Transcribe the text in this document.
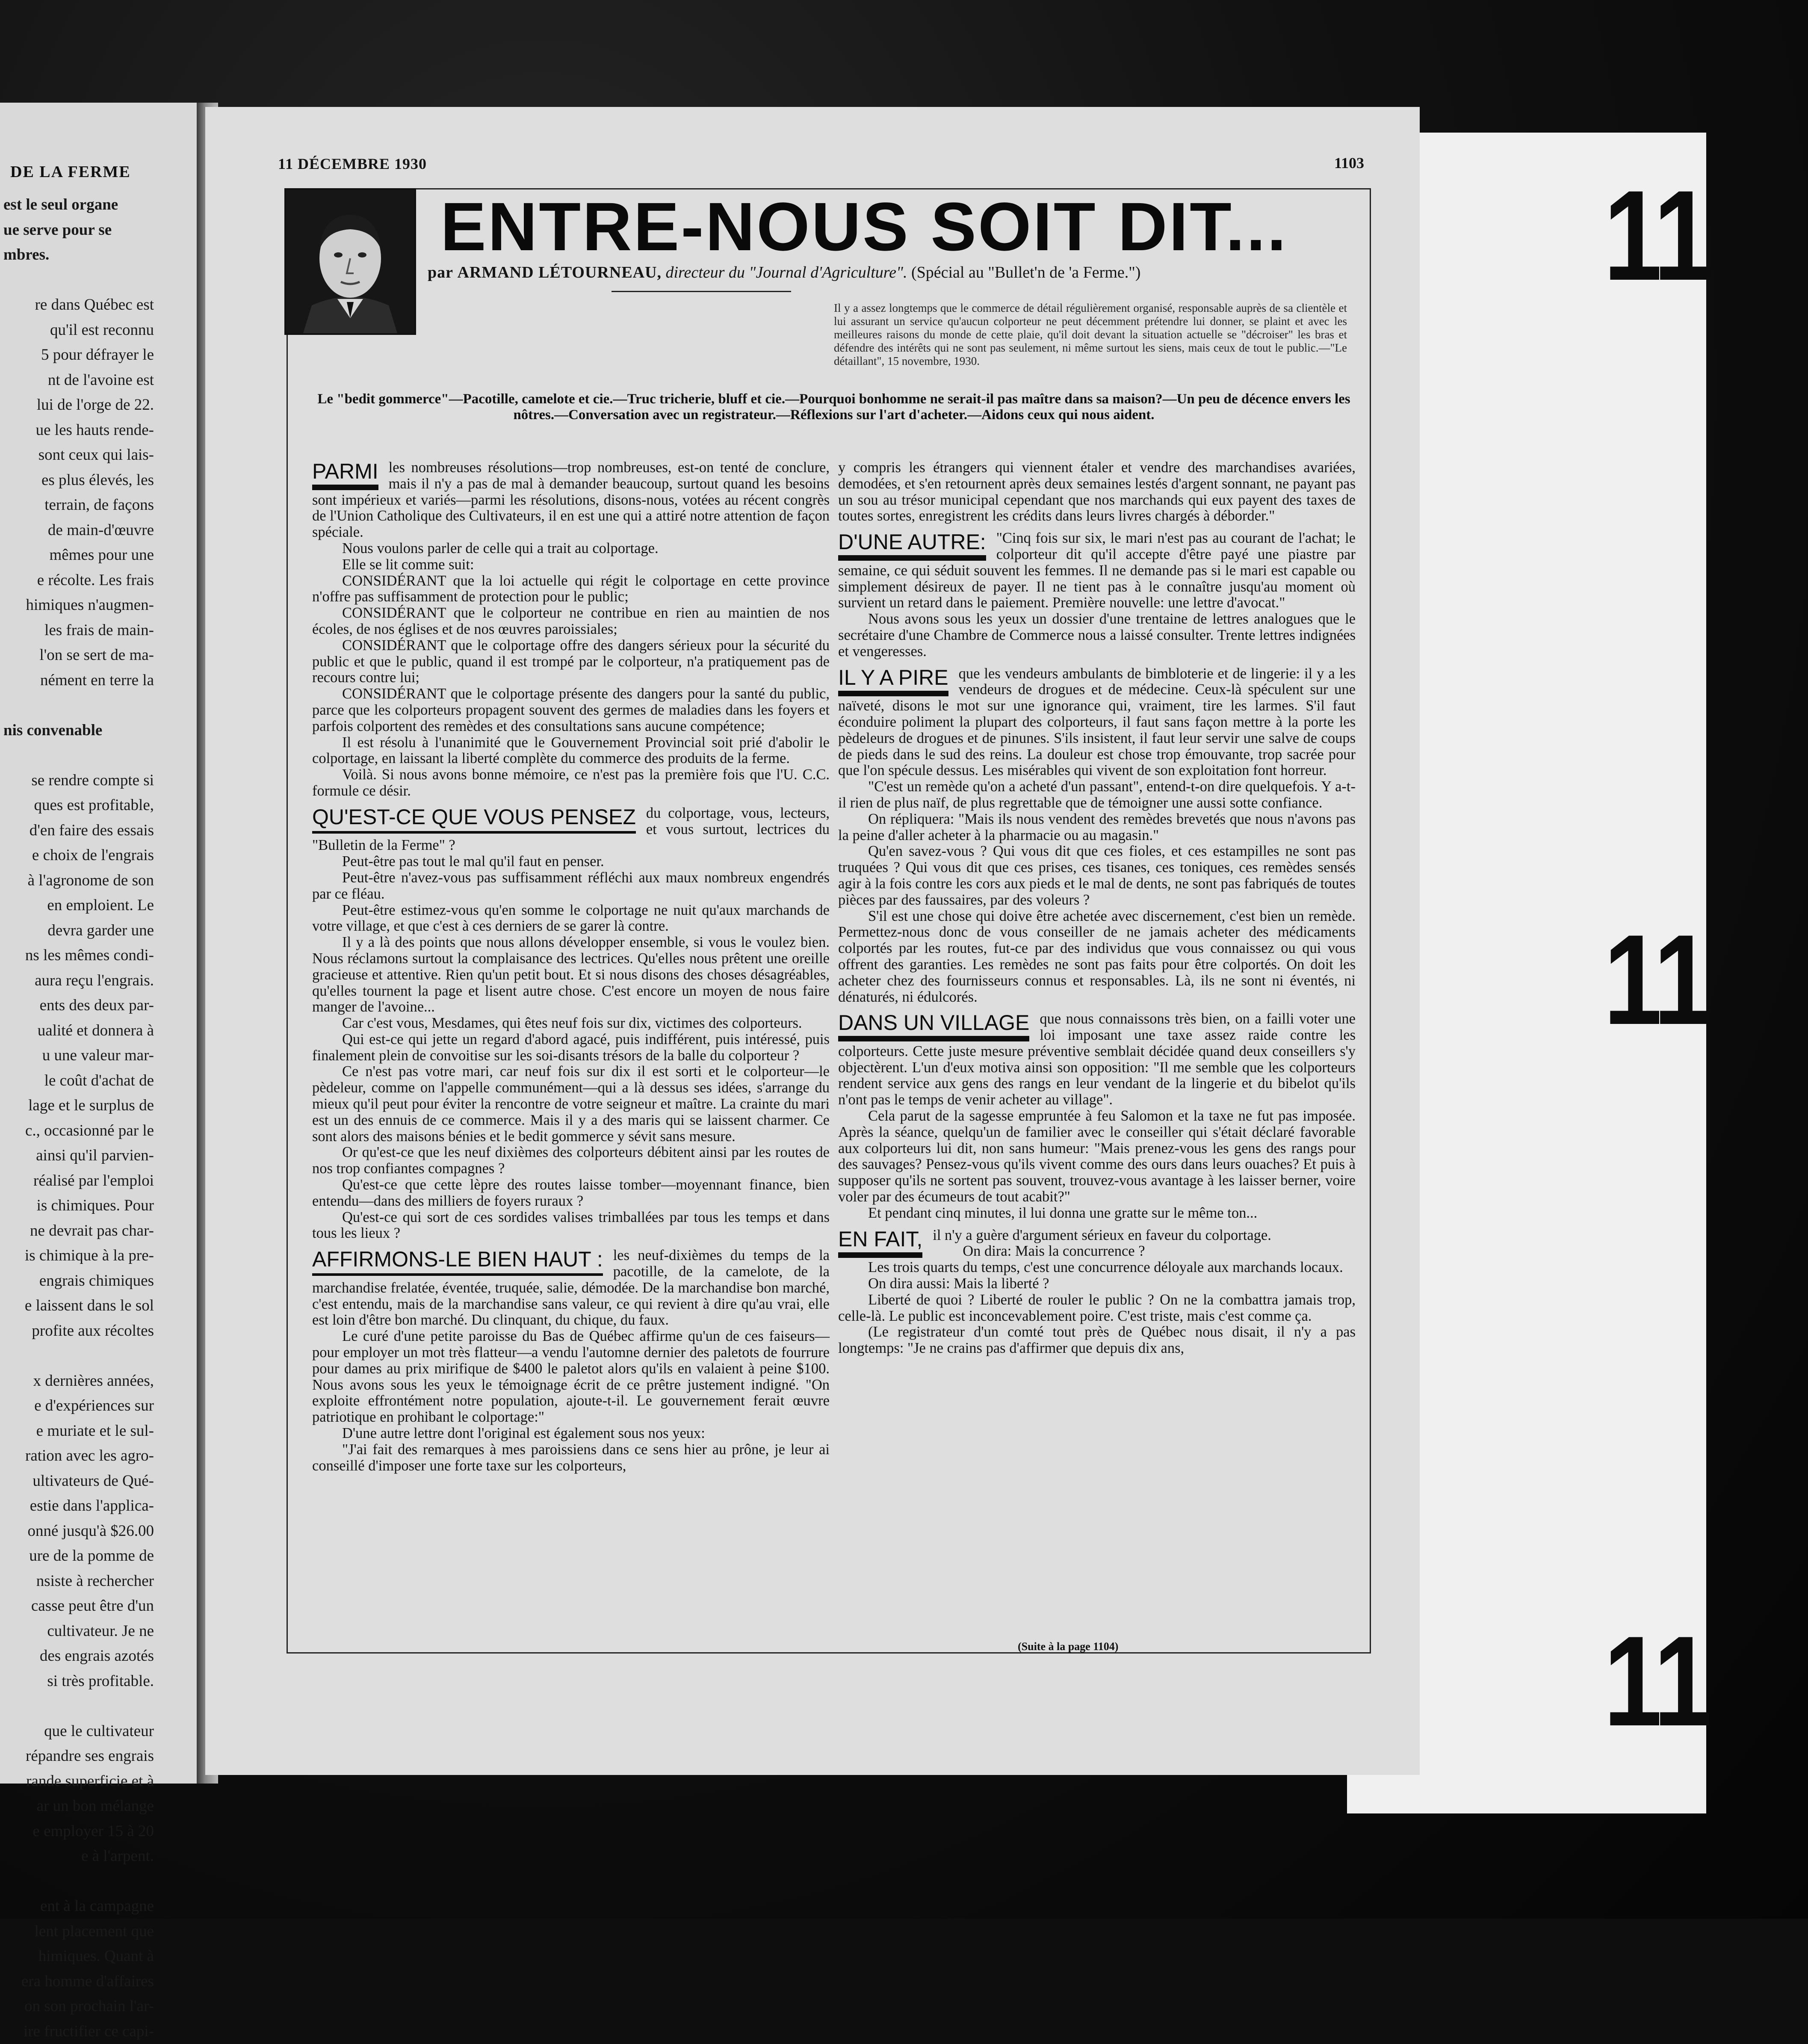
DE LA FERME
est le seul organe
ue serve pour se
mbres.
re dans Québec est
qu'il est reconnu
5 pour défrayer le
nt de l'avoine est
lui de l'orge de 22.
ue les hauts rende-
sont ceux qui lais-
es plus élevés, les
terrain, de façons
de main-d'œuvre
mêmes pour une
e récolte. Les frais
himiques n'augmen-
les frais de main-
l'on se sert de ma-
nément en terre la
nis convenable
se rendre compte si
ques est profitable,
d'en faire des essais
e choix de l'engrais
à l'agronome de son
en emploient. Le
devra garder une
ns les mêmes condi-
aura reçu l'engrais.
ents des deux par-
ualité et donnera à
u une valeur mar-
le coût d'achat de
lage et le surplus de
c., occasionné par le
ainsi qu'il parvien-
réalisé par l'emploi
is chimiques. Pour
ne devrait pas char-
is chimique à la pre-
engrais chimiques
e laissent dans le sol
profite aux récoltes
x dernières années,
e d'expériences sur
e muriate et le sul-
ration avec les agro-
ultivateurs de Qué-
estie dans l'applica-
onné jusqu'à $26.00
ure de la pomme de
nsiste à rechercher
casse peut être d'un
cultivateur. Je ne
des engrais azotés
si très profitable.
que le cultivateur
répandre ses engrais
rande superficie et à
ar un bon mélange
e employer 15 à 20
e à l'arpent.
ent à la campagne
lent placement que
himiques. Quant à
era homme d'affaires
on son prochain l'ar-
ire fructifier ce capi-
11
11
11
11 DÉCEMBRE 1930	1103
ENTRE-NOUS SOIT DIT...
par ARMAND LÉTOURNEAU, directeur du "Journal d'Agriculture". (Spécial au "Bullet'n de 'a Ferme.")
Il y a assez longtemps que le commerce de détail régulièrement organisé, responsable auprès de sa clientèle et lui assurant un service qu'aucun colporteur ne peut décemment prétendre lui donner, se plaint et avec les meilleures raisons du monde de cette plaie, qu'il doit devant la situation actuelle se "décroiser" les bras et défendre des intérêts qui ne sont pas seulement, ni même surtout les siens, mais ceux de tout le public.—"Le détaillant", 15 novembre, 1930.
Le "bedit gommerce"—Pacotille, camelote et cie.—Truc tricherie, bluff et cie.—Pourquoi bonhomme ne serait-il pas maître dans sa maison?—Un peu de décence envers les nôtres.—Conversation avec un registrateur.—Réflexions sur l'art d'acheter.—Aidons ceux qui nous aident.
PARMI les nombreuses résolutions—trop nombreuses, est-on tenté de conclure, mais il n'y a pas de mal à demander beaucoup, surtout quand les besoins sont impérieux et variés—parmi les résolutions, disons-nous, votées au récent congrès de l'Union Catholique des Cultivateurs, il en est une qui a attiré notre attention de façon spéciale.

Nous voulons parler de celle qui a trait au colportage.

Elle se lit comme suit:

CONSIDÉRANT que la loi actuelle qui régit le colportage en cette province n'offre pas suffisamment de protection pour le public;

CONSIDÉRANT que le colporteur ne contribue en rien au maintien de nos écoles, de nos églises et de nos œuvres paroissiales;

CONSIDÉRANT que le colportage offre des dangers sérieux pour la sécurité du public et que le public, quand il est trompé par le colporteur, n'a pratiquement pas de recours contre lui;

CONSIDÉRANT que le colportage présente des dangers pour la santé du public, parce que les colporteurs propagent souvent des germes de maladies dans les foyers et parfois colportent des remèdes et des consultations sans aucune compétence;

Il est résolu à l'unanimité que le Gouvernement Provincial soit prié d'abolir le colportage, en laissant la liberté complète du commerce des produits de la ferme.

Voilà. Si nous avons bonne mémoire, ce n'est pas la première fois que l'U. C.C. formule ce désir.

QU'EST-CE QUE VOUS PENSEZ du colportage, vous, lecteurs, et vous surtout, lectrices du "Bulletin de la Ferme" ?

Peut-être pas tout le mal qu'il faut en penser.

Peut-être n'avez-vous pas suffisamment réfléchi aux maux nombreux engendrés par ce fléau.

Peut-être estimez-vous qu'en somme le colportage ne nuit qu'aux marchands de votre village, et que c'est à ces derniers de se garer là contre.

Il y a là des points que nous allons développer ensemble, si vous le voulez bien. Nous réclamons surtout la complaisance des lectrices. Qu'elles nous prêtent une oreille gracieuse et attentive. Rien qu'un petit bout. Et si nous disons des choses désagréables, qu'elles tournent la page et lisent autre chose. C'est encore un moyen de nous faire manger de l'avoine...

Car c'est vous, Mesdames, qui êtes neuf fois sur dix, victimes des colporteurs.

Qui est-ce qui jette un regard d'abord agacé, puis indifférent, puis intéressé, puis finalement plein de convoitise sur les soi-disants trésors de la balle du colporteur ?

Ce n'est pas votre mari, car neuf fois sur dix il est sorti et le colporteur—le pèdeleur, comme on l'appelle communément—qui a là dessus ses idées, s'arrange du mieux qu'il peut pour éviter la rencontre de votre seigneur et maître. La crainte du mari est un des ennuis de ce commerce. Mais il y a des maris qui se laissent charmer. Ce sont alors des maisons bénies et le bedit gommerce y sévit sans mesure.

Or qu'est-ce que les neuf dixièmes des colporteurs débitent ainsi par les routes de nos trop confiantes compagnes ?

Qu'est-ce que cette lèpre des routes laisse tomber—moyennant finance, bien entendu—dans des milliers de foyers ruraux ?

Qu'est-ce qui sort de ces sordides valises trimballées par tous les temps et dans tous les lieux ?

AFFIRMONS-LE BIEN HAUT : les neuf-dixièmes du temps de la pacotille, de la camelote, de la marchandise frelatée, éventée, truquée, salie, démodée. De la marchandise bon marché, c'est entendu, mais de la marchandise sans valeur, ce qui revient à dire qu'au vrai, elle est loin d'être bon marché. Du clinquant, du chique, du faux.

Le curé d'une petite paroisse du Bas de Québec affirme qu'un de ces faiseurs—pour employer un mot très flatteur—a vendu l'automne dernier des paletots de fourrure pour dames au prix mirifique de $400 le paletot alors qu'ils en valaient à peine $100. Nous avons sous les yeux le témoignage écrit de ce prêtre justement indigné. "On exploite effrontément notre population, ajoute-t-il. Le gouvernement ferait œuvre patriotique en prohibant le colportage:"

D'une autre lettre dont l'original est également sous nos yeux:

"J'ai fait des remarques à mes paroissiens dans ce sens hier au prône, je leur ai conseillé d'imposer une forte taxe sur les colporteurs,

y compris les étrangers qui viennent étaler et vendre des marchandises avariées, demodées, et s'en retournent après deux semaines lestés d'argent sonnant, ne payant pas un sou au trésor municipal cependant que nos marchands qui eux payent des taxes de toutes sortes, enregistrent les crédits dans leurs livres chargés à déborder."

D'UNE AUTRE: "Cinq fois sur six, le mari n'est pas au courant de l'achat; le colporteur dit qu'il accepte d'être payé une piastre par semaine, ce qui séduit souvent les femmes. Il ne demande pas si le mari est capable ou simplement désireux de payer. Il ne tient pas à le connaître jusqu'au moment où survient un retard dans le paiement. Première nouvelle: une lettre d'avocat."

Nous avons sous les yeux un dossier d'une trentaine de lettres analogues que le secrétaire d'une Chambre de Commerce nous a laissé consulter. Trente lettres indignées et vengeresses.

IL Y A PIRE que les vendeurs ambulants de bimbloterie et de lingerie: il y a les vendeurs de drogues et de médecine. Ceux-là spéculent sur une naïveté, disons le mot sur une ignorance qui, vraiment, tire les larmes. S'il faut éconduire poliment la plupart des colporteurs, il faut sans façon mettre à la porte les pèdeleurs de drogues et de pinunes. S'ils insistent, il faut leur servir une salve de coups de pieds dans le sud des reins. La douleur est chose trop émouvante, trop sacrée pour que l'on spécule dessus. Les misérables qui vivent de son exploitation font horreur.

"C'est un remède qu'on a acheté d'un passant", entend-t-on dire quelquefois. Y a-t-il rien de plus naïf, de plus regrettable que de témoigner une aussi sotte confiance.

On répliquera: "Mais ils nous vendent des remèdes brevetés que nous n'avons pas la peine d'aller acheter à la pharmacie ou au magasin."

Qu'en savez-vous ? Qui vous dit que ces fioles, et ces estampilles ne sont pas truquées ? Qui vous dit que ces prises, ces tisanes, ces toniques, ces remèdes sensés agir à la fois contre les cors aux pieds et le mal de dents, ne sont pas fabriqués de toutes pièces par des faussaires, par des voleurs ?

S'il est une chose qui doive être achetée avec discernement, c'est bien un remède. Permettez-nous donc de vous conseiller de ne jamais acheter des médicaments colportés par les routes, fut-ce par des individus que vous connaissez ou qui vous offrent des garanties. Les remèdes ne sont pas faits pour être colportés. On doit les acheter chez des fournisseurs connus et responsables. Là, ils ne sont ni éventés, ni dénaturés, ni édulcorés.

DANS UN VILLAGE que nous connaissons très bien, on a failli voter une loi imposant une taxe assez raide contre les colporteurs. Cette juste mesure préventive semblait décidée quand deux conseillers s'y objectèrent. L'un d'eux motiva ainsi son opposition: "Il me semble que les colporteurs rendent service aux gens des rangs en leur vendant de la lingerie et du bibelot qu'ils n'ont pas le temps de venir acheter au village".

Cela parut de la sagesse empruntée à feu Salomon et la taxe ne fut pas imposée. Après la séance, quelqu'un de familier avec le conseiller qui s'était déclaré favorable aux colporteurs lui dit, non sans humeur: "Mais prenez-vous les gens des rangs pour des sauvages? Pensez-vous qu'ils vivent comme des ours dans leurs ouaches? Et puis à supposer qu'ils ne sortent pas souvent, trouvez-vous avantage à les laisser berner, voire voler par des écumeurs de tout acabit?"

Et pendant cinq minutes, il lui donna une gratte sur le même ton...

EN FAIT, il n'y a guère d'argument sérieux en faveur du colportage.

On dira: Mais la concurrence ?

Les trois quarts du temps, c'est une concurrence déloyale aux marchands locaux.

On dira aussi: Mais la liberté ?

Liberté de quoi ? Liberté de rouler le public ? On ne la combattra jamais trop, celle-là. Le public est inconcevablement poire. C'est triste, mais c'est comme ça.

(Le registrateur d'un comté tout près de Québec nous disait, il n'y a pas longtemps: "Je ne crains pas d'affirmer que depuis dix ans,

(Suite à la page 1104)
